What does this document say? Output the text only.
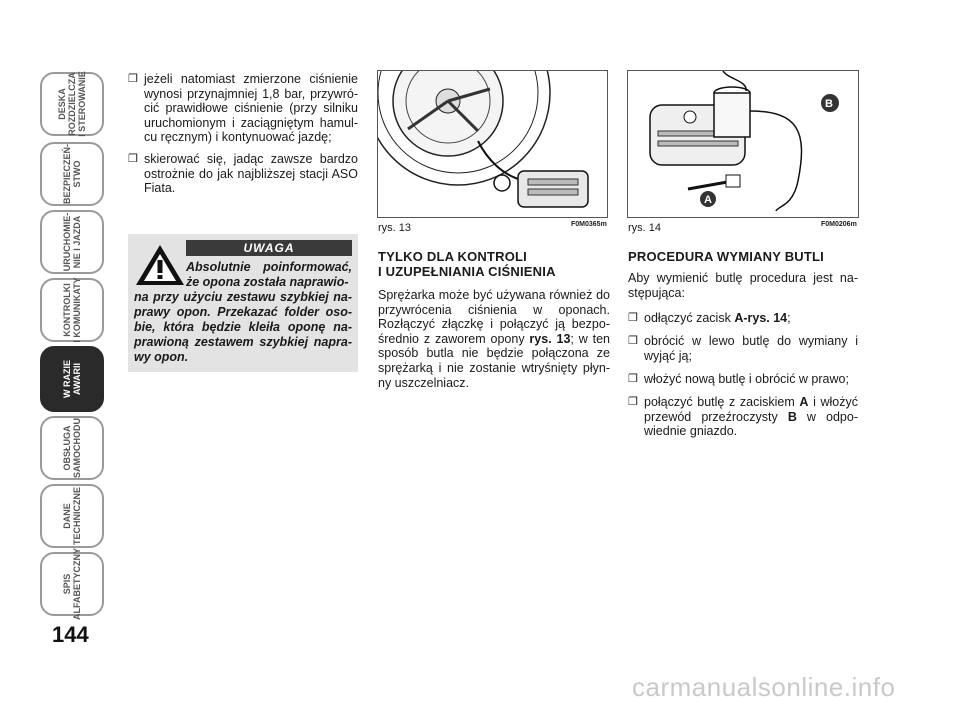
DESKA ROZDZIELCZA I STEROWANIE
BEZPIECZEŃ- STWO
URUCHOMIE- NIE I JAZDA
KONTROLKI I KOMUNIKATY
W RAZIE AWARII
OBSŁUGA SAMOCHODU
DANE TECHNICZNE
SPIS ALFABETYCZNY
144
❒ jeżeli natomiast zmierzone ciśnienie wynosi przynajmniej 1,8 bar, przywró-cić prawidłowe ciśnienie (przy silniku uruchomionym i zaciągniętym hamul-cu ręcznym) i kontynuować jazdę;
❒ skierować się, jadąc zawsze bardzo ostrożnie do jak najbliższej stacji ASO Fiata.
UWAGA
Absolutnie poinformować, że opona została naprawio-
na przy użyciu zestawu szybkiej na-prawy opon. Przekazać folder oso-bie, która będzie kleiła oponę na-prawioną zestawem szybkiej napra-wy opon.
rys. 13	F0M0365m
TYLKO DLA KONTROLI
I UZUPEŁNIANIA CIŚNIENIA
Sprężarka może być używana również do przywrócenia ciśnienia w oponach. Rozłączyć złączkę i połączyć ją bezpo-średnio z zaworem opony rys. 13; w ten sposób butla nie będzie połączona ze sprężarką i nie zostanie wtryśnięty płyn-ny uszczelniacz.
A
B
rys. 14	F0M0206m
PROCEDURA WYMIANY BUTLI
Aby wymienić butlę procedura jest na-stępująca:
❒ odłączyć zacisk A-rys. 14;
❒ obrócić w lewo butlę do wymiany i wyjąć ją;
❒ włożyć nową butlę i obrócić w prawo;
❒ połączyć butlę z zaciskiem A i włożyć przewód przeźroczysty B w odpo-wiednie gniazdo.
carmanualsonline.info
